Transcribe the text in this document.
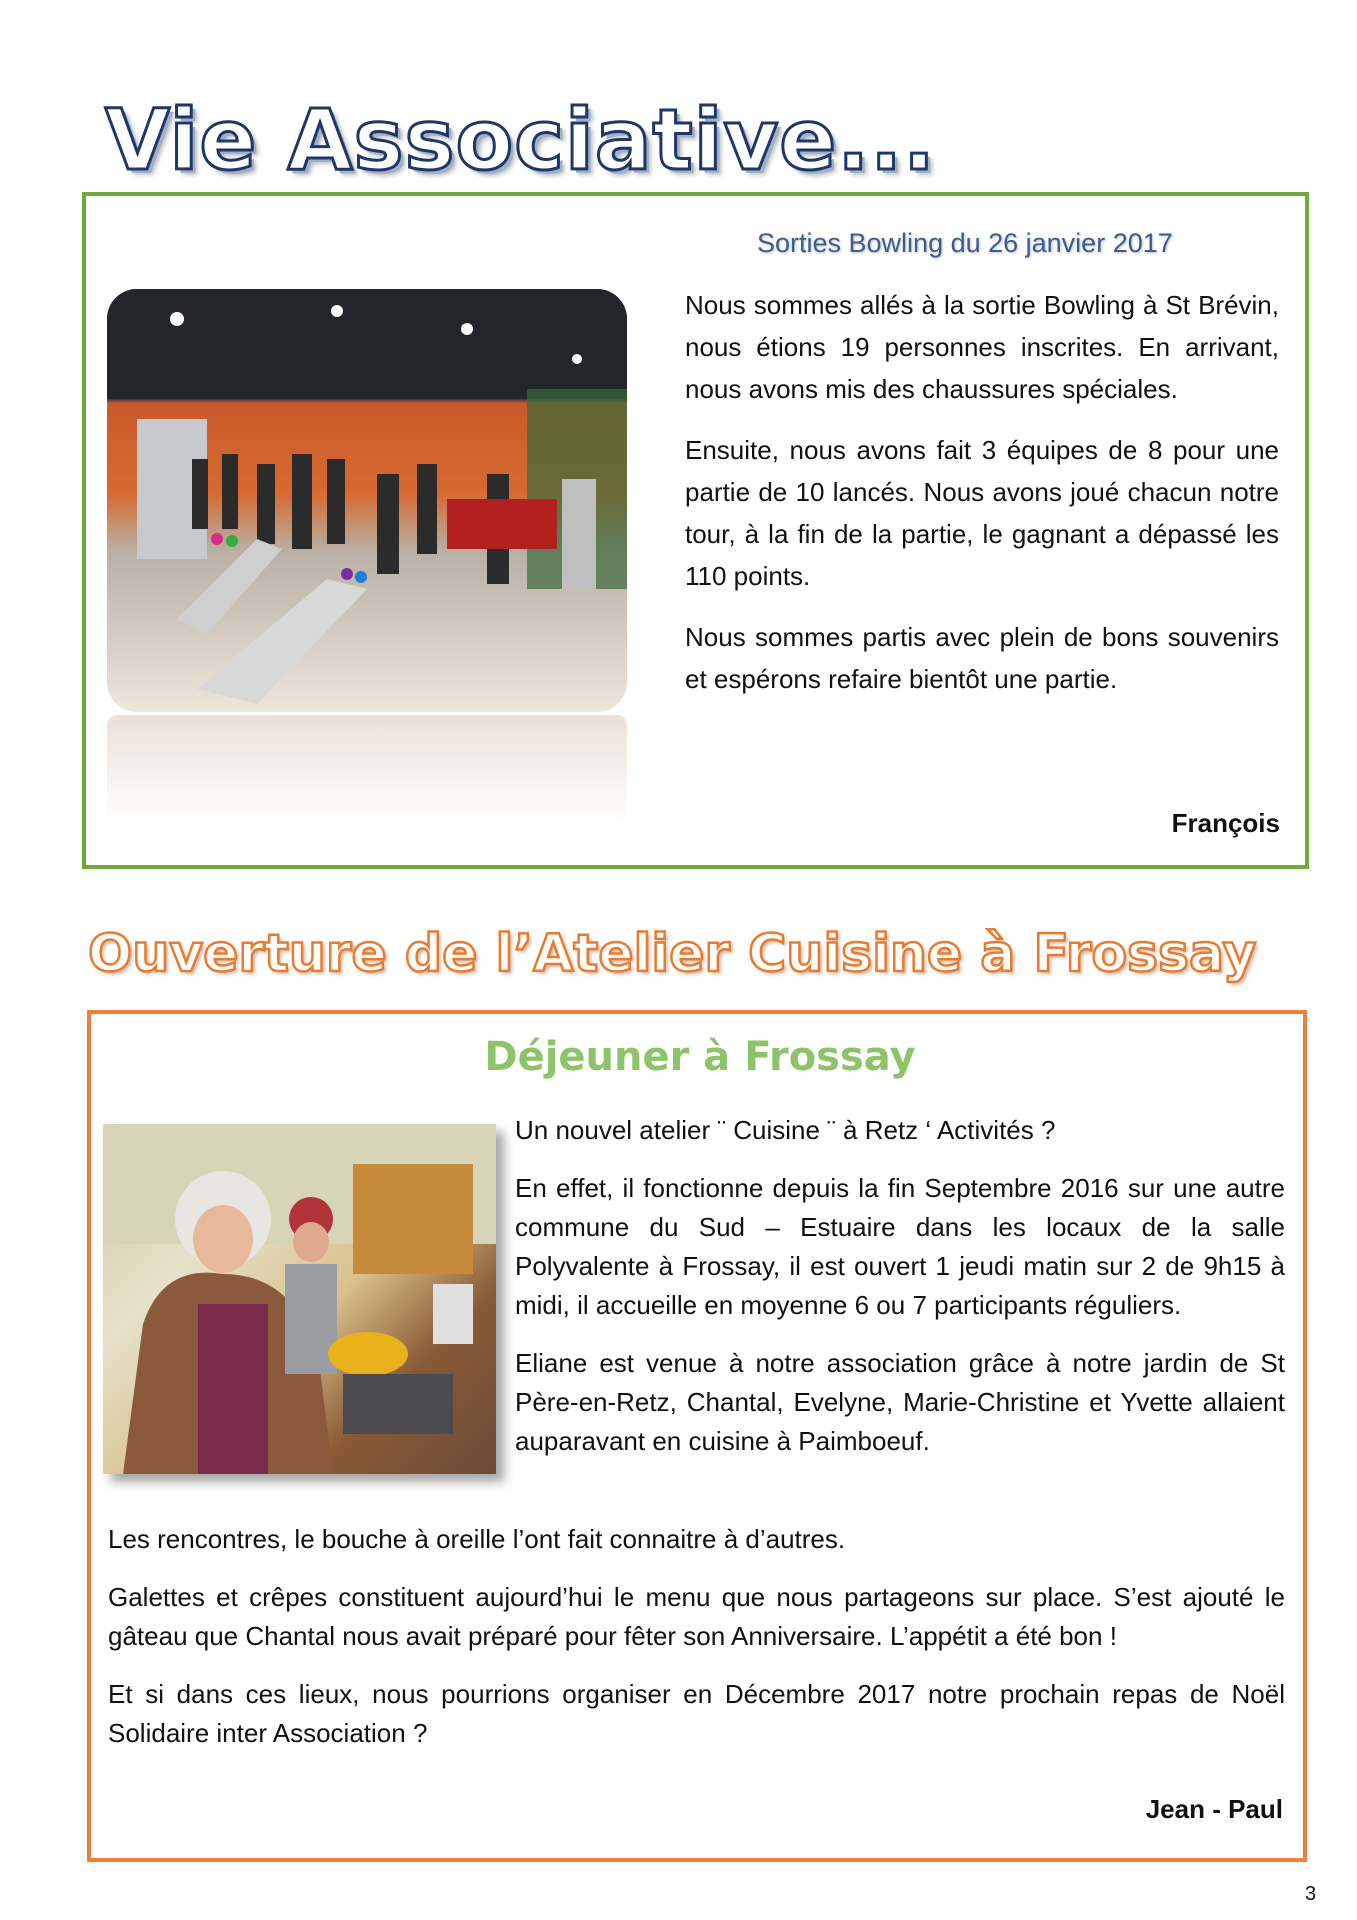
Vie Associative...
Sorties Bowling du 26 janvier 2017

Nous sommes allés à la sortie Bowling à St Brévin, nous étions 19 personnes inscrites. En arrivant, nous avons mis des chaussures spéciales.

Ensuite, nous avons fait 3 équipes de 8 pour une partie de 10 lancés. Nous avons joué chacun notre tour, à la fin de la partie, le gagnant a dépassé les 110 points.

Nous sommes partis avec plein de bons souvenirs et espérons refaire bientôt une partie.

François
Ouverture de l’Atelier Cuisine à Frossay
Déjeuner à Frossay

Un nouvel atelier ¨ Cuisine ¨ à Retz ‘ Activités ?

En effet, il fonctionne depuis la fin Septembre 2016 sur une autre commune du Sud – Estuaire dans les locaux de la salle Polyvalente à Frossay, il est ouvert 1 jeudi matin sur 2 de 9h15 à midi, il accueille en moyenne 6 ou 7 participants réguliers.

Eliane est venue à notre association grâce à notre jardin de St Père-en-Retz, Chantal, Evelyne, Marie-Christine et Yvette allaient auparavant en cuisine à Paimboeuf.

Les rencontres, le bouche à oreille l’ont fait connaitre à d’autres.

Galettes et crêpes constituent aujourd’hui le menu que nous partageons sur place. S’est ajouté le gâteau que Chantal nous avait préparé pour fêter son Anniversaire. L’appétit a été bon !

Et si dans ces lieux, nous pourrions organiser en Décembre 2017 notre prochain repas de Noël Solidaire inter Association ?

Jean - Paul
3
